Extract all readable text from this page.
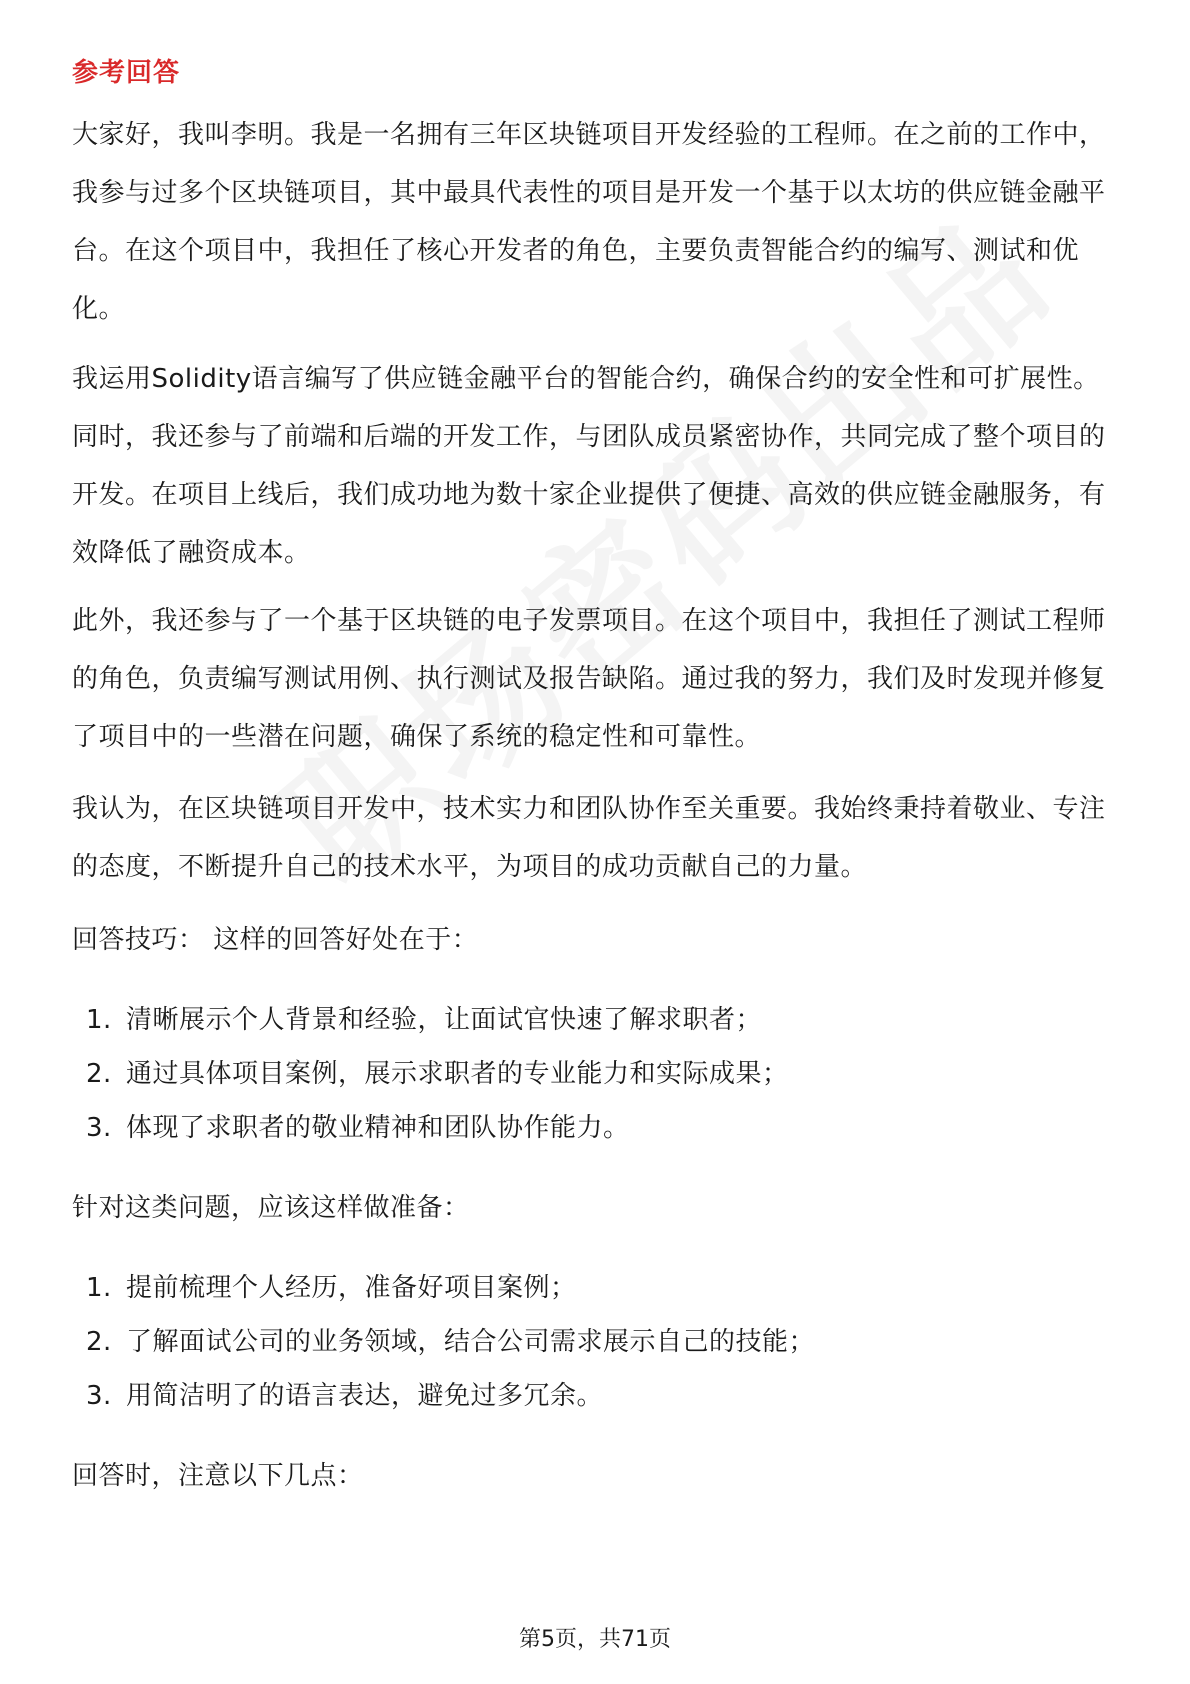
参考回答
大家好，我叫李明。我是一名拥有三年区块链项目开发经验的工程师。在之前的工作中，我参与过多个区块链项目，其中最具代表性的项目是开发一个基于以太坊的供应链金融平台。在这个项目中，我担任了核心开发者的角色，主要负责智能合约的编写、测试和优化。
我运用Solidity语言编写了供应链金融平台的智能合约，确保合约的安全性和可扩展性。同时，我还参与了前端和后端的开发工作，与团队成员紧密协作，共同完成了整个项目的开发。在项目上线后，我们成功地为数十家企业提供了便捷、高效的供应链金融服务，有效降低了融资成本。
此外，我还参与了一个基于区块链的电子发票项目。在这个项目中，我担任了测试工程师的角色，负责编写测试用例、执行测试及报告缺陷。通过我的努力，我们及时发现并修复了项目中的一些潜在问题，确保了系统的稳定性和可靠性。
我认为，在区块链项目开发中，技术实力和团队协作至关重要。我始终秉持着敬业、专注的态度，不断提升自己的技术水平，为项目的成功贡献自己的力量。
回答技巧： 这样的回答好处在于：
1. 清晰展示个人背景和经验，让面试官快速了解求职者；
2. 通过具体项目案例，展示求职者的专业能力和实际成果；
3. 体现了求职者的敬业精神和团队协作能力。
针对这类问题，应该这样做准备：
1. 提前梳理个人经历，准备好项目案例；
2. 了解面试公司的业务领域，结合公司需求展示自己的技能；
3. 用简洁明了的语言表达，避免过多冗余。
回答时，注意以下几点：
第5页，共71页
